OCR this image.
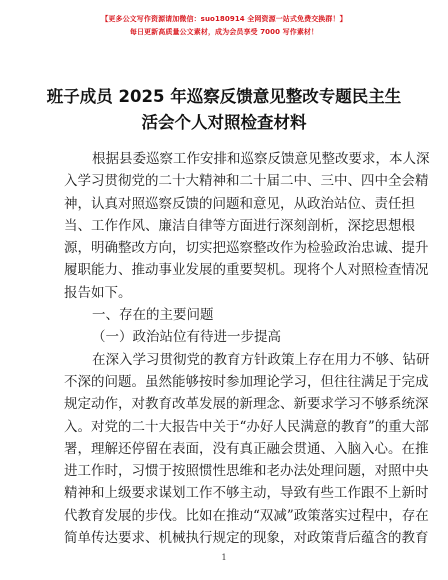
【更多公文写作资源请加微信：suo180914 全网资源一站式免费交换群！】
每日更新高质量公文素材，成为会员享受 7000 写作素材！
班子成员 2025 年巡察反馈意见整改专题民主生
活会个人对照检查材料
根据县委巡察工作安排和巡察反馈意见整改要求，本人深
入学习贯彻党的二十大精神和二十届二中、三中、四中全会精
神，认真对照巡察反馈的问题和意见，从政治站位、责任担
当、工作作风、廉洁自律等方面进行深刻剖析，深挖思想根
源，明确整改方向，切实把巡察整改作为检验政治忠诚、提升
履职能力、推动事业发展的重要契机。现将个人对照检查情况
报告如下。
一、存在的主要问题
（一）政治站位有待进一步提高
在深入学习贯彻党的教育方针政策上存在用力不够、钻研
不深的问题。虽然能够按时参加理论学习，但往往满足于完成
规定动作，对教育改革发展的新理念、新要求学习不够系统深
入。对党的二十大报告中关于“办好人民满意的教育”的重大部
署，理解还停留在表面，没有真正融会贯通、入脑入心。在推
进工作时，习惯于按照惯性思维和老办法处理问题，对照中央
精神和上级要求谋划工作不够主动，导致有些工作跟不上新时
代教育发展的步伐。比如在推动“双减”政策落实过程中，存在
简单传达要求、机械执行规定的现象，对政策背后蕴含的教育
1
